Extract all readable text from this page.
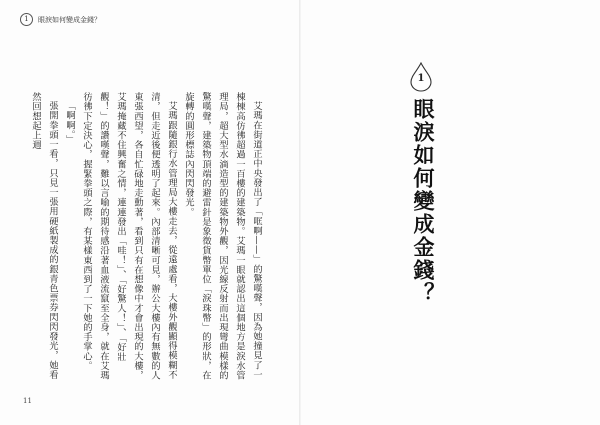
1	眼淚如何變成金錢？

艾瑪在街道正中央發出了「哐啊——」的驚嘆聲，因為她撞見了一棟棟高仿彿超過一百樓的建築物。艾瑪一眼就認出這個地方是淚水管理局，超大型水滴造型的建築物外觀，因光線反射而出現彎曲模樣的驚嘆聲，建築物頂端的避雷針是象徵貨幣單位「淚珠幣」的形狀，在旋轉的圓形標誌內閃閃發光。

艾瑪跟隨銀行水管理局大樓走去，從遠處看，大樓外觀顯得模糊不清，但走近後便透明了起來。內部清晰可見，辦公大樓內有無數的人東張西望，各自忙碌地走動著，看到只有在想像中才會出現的大樓，艾瑪掩藏不住興奮之情，連連發出「哇！」、「好驚人！」、「好壯觀！」的讚嘆聲，難以言喻的期待感沿著血液流竄至全身，就在艾瑪彷彿下定決心，握緊拳頭之際，有某樣東西到了一下她的手掌心。

「啊啊。」

張開拳頭一看，只見一張用硬紙製成的銀青色票券閃閃發光，她看然回想起上週

11
1
眼淚如何變成金錢？
